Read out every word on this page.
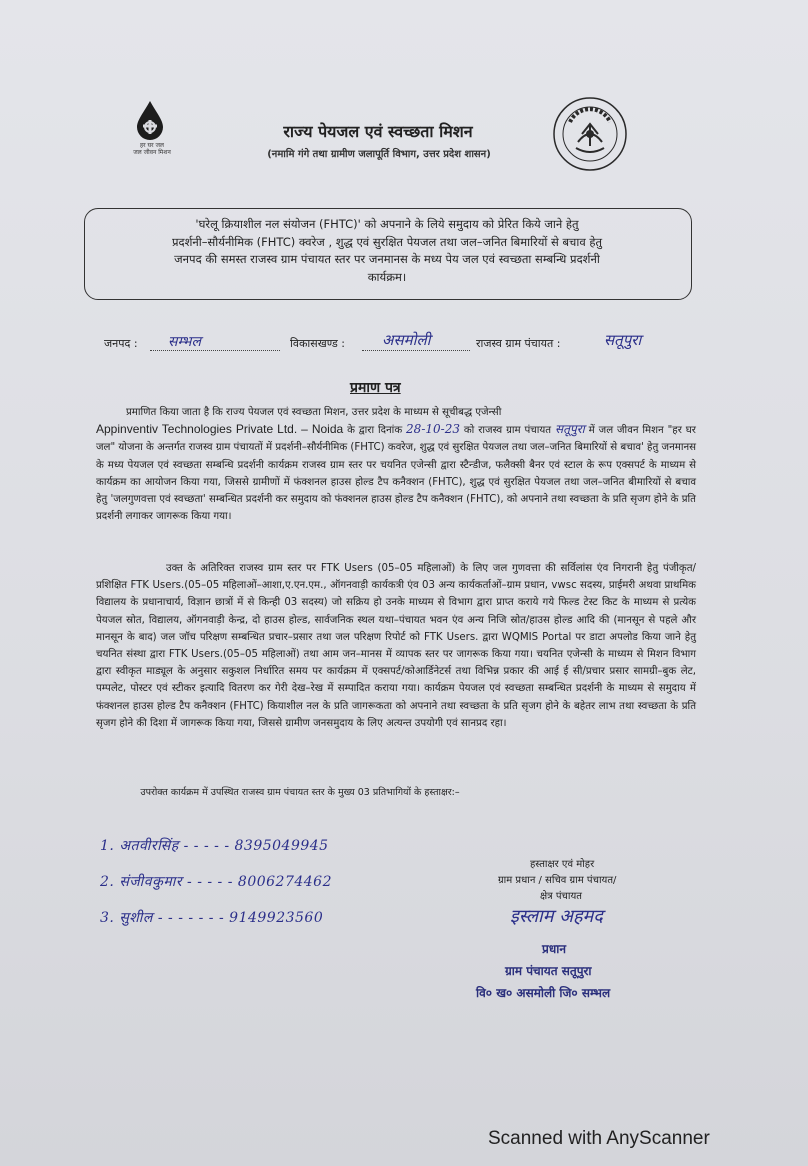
हर घर जल
जल जीवन मिशन
राज्य पेयजल एवं स्वच्छता मिशन
(नमामि गंगे तथा ग्रामीण जलापूर्ति विभाग, उत्तर प्रदेश शासन)
'घरेलू क्रियाशील नल संयोजन (FHTC)' को अपनाने के लिये समुदाय को प्रेरित किये जाने हेतु
प्रदर्शनी–सौर्यनीमिक (FHTC) क्वरेज , शुद्ध एवं सुरक्षित पेयजल तथा जल–जनित बिमारियों से बचाव हेतु
जनपद की समस्त राजस्व ग्राम पंचायत स्तर पर जनमानस के मध्य पेय जल एवं स्वच्छता सम्बन्धि प्रदर्शनी
कार्यक्रम।
जनपद : सम्भल	विकासखण्ड : असमोली	राजस्व ग्राम पंचायत :	सतूपुरा
प्रमाण पत्र
प्रमाणित किया जाता है कि राज्य पेयजल एवं स्वच्छता मिशन, उत्तर प्रदेश के माध्यम से सूचीबद्ध एजेन्सी
Appinventiv Technologies Private Ltd. – Noida के द्वारा दिनांक 28-10-23 को राजस्व ग्राम पंचायत सतूपुरा में जल जीवन मिशन "हर घर जल" योजना के अन्तर्गत राजस्व ग्राम पंचायतों में प्रदर्शनी–सौर्यनीमिक (FHTC) कवरेज, शुद्ध एवं सुरक्षित पेयजल तथा जल–जनित बिमारियों से बचाव' हेतु जनमानस के मध्य पेयजल एवं स्वच्छता सम्बन्धि प्रदर्शनी कार्यक्रम राजस्व ग्राम स्तर पर चयनित एजेन्सी द्वारा स्टैन्डीज, फलैक्सी बैनर एवं स्टाल के रूप एक्सपर्ट के माध्यम से कार्यक्रम का आयोजन किया गया, जिससे ग्रामीणों में फंक्शनल हाउस होल्ड टैप कनैक्शन (FHTC), शुद्ध एवं सुरक्षित पेयजल तथा जल–जनित बीमारियों से बचाव हेतु 'जलगुणवत्ता एवं स्वच्छता' सम्बन्धित प्रदर्शनी कर समुदाय को फंक्शनल हाउस होल्ड टैप कनैक्शन (FHTC), को अपनाने तथा स्वच्छता के प्रति सृजग होने के प्रति प्रदर्शनी लगाकर जागरूक किया गया।
उक्त के अतिरिक्त राजस्व ग्राम स्तर पर FTK Users (05–05 महिलाओं) के लिए जल गुणवत्ता की सर्विलांस एंव निगरानी हेतु पंजीकृत/प्रशिक्षित FTK Users.(05–05 महिलाओं–आशा,ए.एन.एम., ऑगनवाड़ी कार्यकत्री एंव 03 अन्य कार्यकर्ताओं–ग्राम प्रधान, vwsc सदस्य, प्राईमरी अथवा प्राथमिक विद्यालय के प्रधानाचार्य, विज्ञान छात्रों में से किन्ही 03 सदस्य) जो सक्रिय हो उनके माध्यम से विभाग द्वारा प्राप्त कराये गये फिल्ड टेस्ट किट के माध्यम से प्रत्येक पेयजल स्रोत, विद्यालय, ऑगनवाड़ी केन्द्र, दो हाउस होल्ड, सार्वजनिक स्थल यथा–पंचायत भवन एंव अन्य निजि स्रोत/हाउस होल्ड आदि की (मानसून से पहले और मानसून के बाद) जल जॉच परिक्षण सम्बन्धित प्रचार–प्रसार तथा जल परिक्षण रिपोर्ट को FTK Users. द्वारा WQMIS Portal पर डाटा अपलोड किया जाने हेतु चयनित संस्था द्वारा FTK Users.(05–05 महिलाओं) तथा आम जन–मानस में व्यापक स्तर पर जागरूक किया गया। चयनित एजेन्सी के माध्यम से मिशन विभाग द्वारा स्वीकृत माड्यूल के अनुसार सकुशल निर्धारित समय पर कार्यक्रम में एक्सपर्ट/कोआर्डिनेटर्स तथा विभिन्न प्रकार की आई ई सी/प्रचार प्रसार सामग्री–बुक लेट, पम्पलेट, पोस्टर एवं स्टीकर इत्यादि वितरण कर गेरी देख–रेख में सम्पादित कराया गया। कार्यक्रम पेयजल एवं स्वच्छता सम्बन्धित प्रदर्शनी के माध्यम से समुदाय में फंक्शनल हाउस होल्ड टैप कनैक्शन (FHTC) कियाशील नल के प्रति जागरूकता को अपनाने तथा स्वच्छता के प्रति सृजग होने के बहेतर लाभ तथा स्वच्छता के प्रति सृजग होने की दिशा में जागरूक किया गया, जिससे ग्रामीण जनसमुदाय के लिए अत्यन्त उपयोगी एवं सानप्रद रहा।
उपरोक्त कार्यक्रम में उपस्थित राजस्व ग्राम पंचायत स्तर के मुख्य 03 प्रतिभागियों के हस्ताक्षर:–
1. अतवीरसिंह - - - - - 8395049945
2. संजीवकुमार - - - - - 8006274462
3. सुशील - - - - - - - 9149923560
हस्ताक्षर एवं मोहर
ग्राम प्रधान / सचिव ग्राम पंचायत/
क्षेत्र पंचायत
इस्लाम अहमद
प्रधान
ग्राम पंचायत सतूपुरा
वि० ख० असमोली जि० सम्भल
Scanned with AnyScanner
